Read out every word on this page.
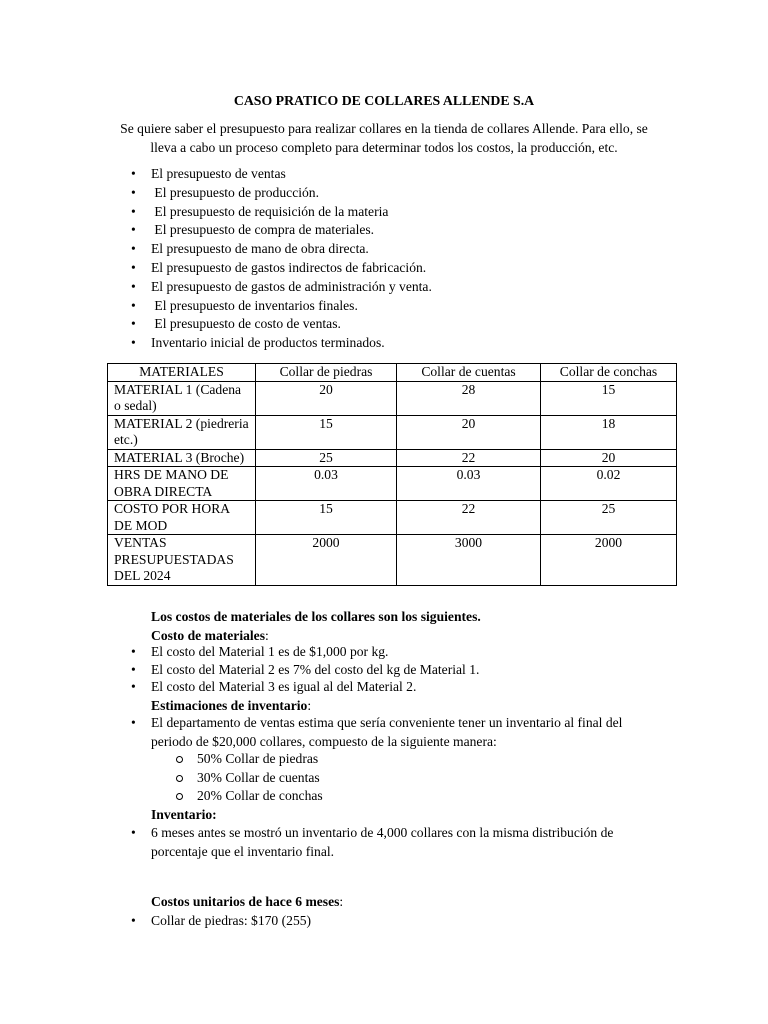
CASO PRATICO DE COLLARES ALLENDE S.A
Se quiere saber el presupuesto para realizar collares en la tienda de collares Allende. Para ello, se lleva a cabo un proceso completo para determinar todos los costos, la producción, etc.
• El presupuesto de ventas
•  El presupuesto de producción.
•  El presupuesto de requisición de la materia
•  El presupuesto de compra de materiales.
• El presupuesto de mano de obra directa.
• El presupuesto de gastos indirectos de fabricación.
• El presupuesto de gastos de administración y venta.
•  El presupuesto de inventarios finales.
•  El presupuesto de costo de ventas.
• Inventario inicial de productos terminados.
MATERIALES	Collar de piedras	Collar de cuentas	Collar de conchas
MATERIAL 1 (Cadena o sedal)	20	28	15
MATERIAL 2 (piedreria etc.)	15	20	18
MATERIAL 3 (Broche)	25	22	20
HRS DE MANO DE OBRA DIRECTA	0.03	0.03	0.02
COSTO POR HORA DE MOD	15	22	25
VENTAS PRESUPUESTADAS DEL 2024	2000	3000	2000
Los costos de materiales de los collares son los siguientes.
Costo de materiales:
• El costo del Material 1 es de $1,000 por kg.
• El costo del Material 2 es 7% del costo del kg de Material 1.
• El costo del Material 3 es igual al del Material 2.
Estimaciones de inventario:
• El departamento de ventas estima que sería conveniente tener un inventario al final del periodo de $20,000 collares, compuesto de la siguiente manera:
50% Collar de piedras
30% Collar de cuentas
20% Collar de conchas
Inventario:
• 6 meses antes se mostró un inventario de 4,000 collares con la misma distribución de porcentaje que el inventario final.
Costos unitarios de hace 6 meses:
• Collar de piedras: $170 (255)
